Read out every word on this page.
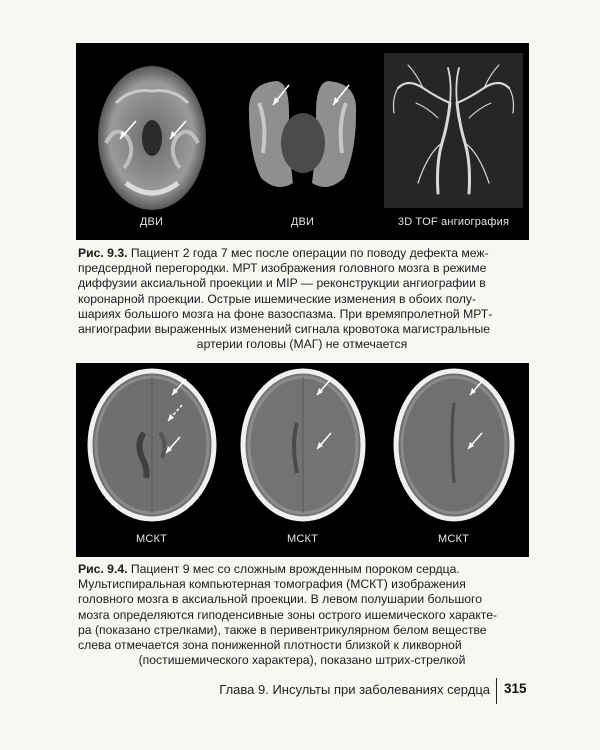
ДВИ	ДВИ	3D TOF ангиография
Рис. 9.3. Пациент 2 года 7 мес после операции по поводу дефекта меж-
предсердной перегородки. МРТ изображения головного мозга в режиме
диффузии аксиальной проекции и MIP — реконструкции ангиографии в
коронарной проекции. Острые ишемические изменения в обоих полу-
шариях большого мозга на фоне вазоспазма. При времяпролетной МРТ-
ангиографии выраженных изменений сигнала кровотока магистральные
артерии головы (МАГ) не отмечается
МСКТ	МСКТ	МСКТ
Рис. 9.4. Пациент 9 мес со сложным врожденным пороком сердца.
Мультиспиральная компьютерная томография (МСКТ) изображения
головного мозга в аксиальной проекции. В левом полушарии большого
мозга определяются гиподенсивные зоны острого ишемического характе-
ра (показано стрелками), также в перивентрикулярном белом веществе
слева отмечается зона пониженной плотности близкой к ликворной
(постишемического характера), показано штрих-стрелкой
Глава 9. Инсульты при заболеваниях сердца 315
